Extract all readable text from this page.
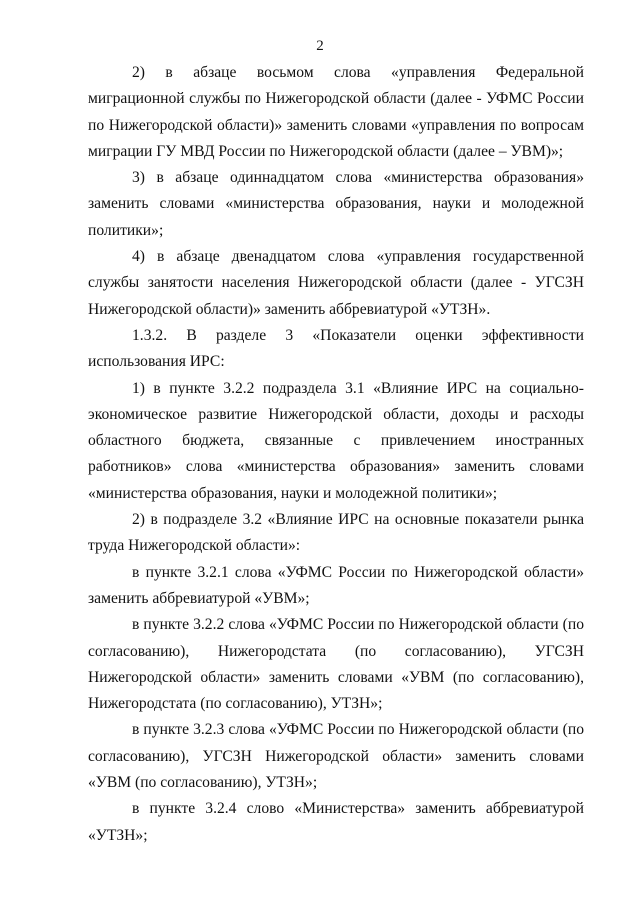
2

2) в абзаце восьмом слова «управления Федеральной миграционной службы по Нижегородской области (далее - УФМС России по Нижегородской области)» заменить словами «управления по вопросам миграции ГУ МВД России по Нижегородской области (далее – УВМ)»;

3) в абзаце одиннадцатом слова «министерства образования» заменить словами «министерства образования, науки и молодежной политики»;

4) в абзаце двенадцатом слова «управления государственной службы занятости населения Нижегородской области (далее - УГСЗН Нижегородской области)» заменить аббревиатурой «УТЗН».

1.3.2. В разделе 3 «Показатели оценки эффективности использования ИРС:

1) в пункте 3.2.2 подраздела 3.1 «Влияние ИРС на социально-экономическое развитие Нижегородской области, доходы и расходы областного бюджета, связанные с привлечением иностранных работников» слова «министерства образования» заменить словами «министерства образования, науки и молодежной политики»;

2) в подразделе 3.2 «Влияние ИРС на основные показатели рынка труда Нижегородской области»:

в пункте 3.2.1 слова «УФМС России по Нижегородской области» заменить аббревиатурой «УВМ»;

в пункте 3.2.2 слова «УФМС России по Нижегородской области (по согласованию), Нижегородстата (по согласованию), УГСЗН Нижегородской области» заменить словами «УВМ (по согласованию), Нижегородстата (по согласованию), УТЗН»;

в пункте 3.2.3 слова «УФМС России по Нижегородской области (по согласованию), УГСЗН Нижегородской области» заменить словами «УВМ (по согласованию), УТЗН»;

в пункте 3.2.4 слово «Министерства» заменить аббревиатурой «УТЗН»;
